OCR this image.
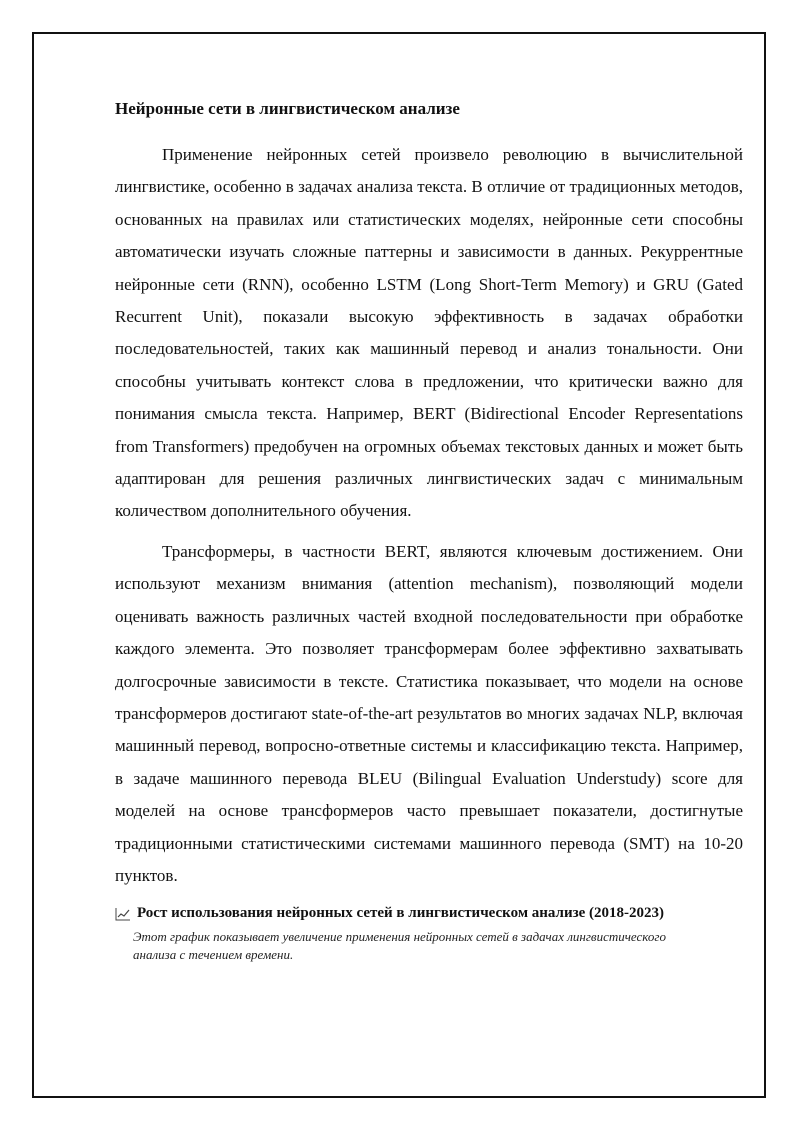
Нейронные сети в лингвистическом анализе

Применение нейронных сетей произвело революцию в вычислительной лингвистике, особенно в задачах анализа текста. В отличие от традиционных методов, основанных на правилах или статистических моделях, нейронные сети способны автоматически изучать сложные паттерны и зависимости в данных. Рекуррентные нейронные сети (RNN), особенно LSTM (Long Short-Term Memory) и GRU (Gated Recurrent Unit), показали высокую эффективность в задачах обработки последовательностей, таких как машинный перевод и анализ тональности. Они способны учитывать контекст слова в предложении, что критически важно для понимания смысла текста. Например, BERT (Bidirectional Encoder Representations from Transformers) предобучен на огромных объемах текстовых данных и может быть адаптирован для решения различных лингвистических задач с минимальным количеством дополнительного обучения.

Трансформеры, в частности BERT, являются ключевым достижением. Они используют механизм внимания (attention mechanism), позволяющий модели оценивать важность различных частей входной последовательности при обработке каждого элемента. Это позволяет трансформерам более эффективно захватывать долгосрочные зависимости в тексте. Статистика показывает, что модели на основе трансформеров достигают state-of-the-art результатов во многих задачах NLP, включая машинный перевод, вопросно-ответные системы и классификацию текста. Например, в задаче машинного перевода BLEU (Bilingual Evaluation Understudy) score для моделей на основе трансформеров часто превышает показатели, достигнутые традиционными статистическими системами машинного перевода (SMT) на 10-20 пунктов.

Рост использования нейронных сетей в лингвистическом анализе (2018-2023)
Этот график показывает увеличение применения нейронных сетей в задачах лингвистического анализа с течением времени.
